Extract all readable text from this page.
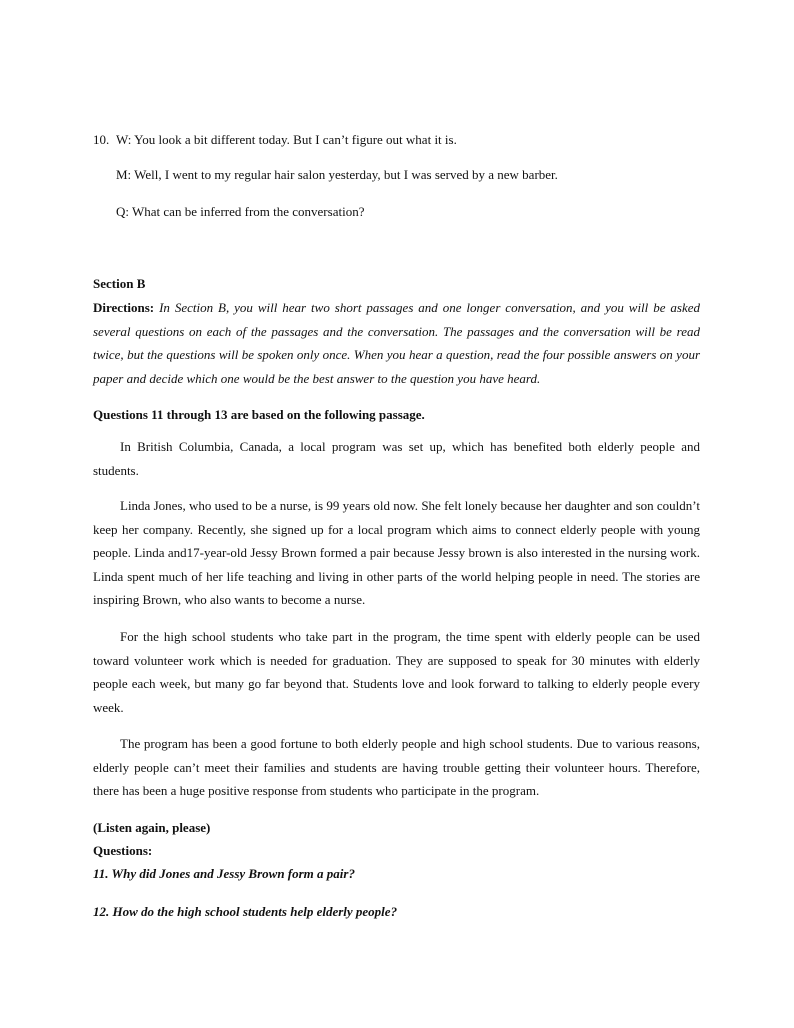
10. W: You look a bit different today. But I can’t figure out what it is.
M: Well, I went to my regular hair salon yesterday, but I was served by a new barber.
Q: What can be inferred from the conversation?
Section B
Directions: In Section B, you will hear two short passages and one longer conversation, and you will be asked several questions on each of the passages and the conversation. The passages and the conversation will be read twice, but the questions will be spoken only once. When you hear a question, read the four possible answers on your paper and decide which one would be the best answer to the question you have heard.
Questions 11 through 13 are based on the following passage.

In British Columbia, Canada, a local program was set up, which has benefited both elderly people and students.

Linda Jones, who used to be a nurse, is 99 years old now. She felt lonely because her daughter and son couldn’t keep her company. Recently, she signed up for a local program which aims to connect elderly people with young people. Linda and17-year-old Jessy Brown formed a pair because Jessy brown is also interested in the nursing work. Linda spent much of her life teaching and living in other parts of the world helping people in need. The stories are inspiring Brown, who also wants to become a nurse.

For the high school students who take part in the program, the time spent with elderly people can be used toward volunteer work which is needed for graduation. They are supposed to speak for 30 minutes with elderly people each week, but many go far beyond that. Students love and look forward to talking to elderly people every week.

The program has been a good fortune to both elderly people and high school students. Due to various reasons, elderly people can’t meet their families and students are having trouble getting their volunteer hours. Therefore, there has been a huge positive response from students who participate in the program.

(Listen again, please)
Questions:
11. Why did Jones and Jessy Brown form a pair?
12. How do the high school students help elderly people?
